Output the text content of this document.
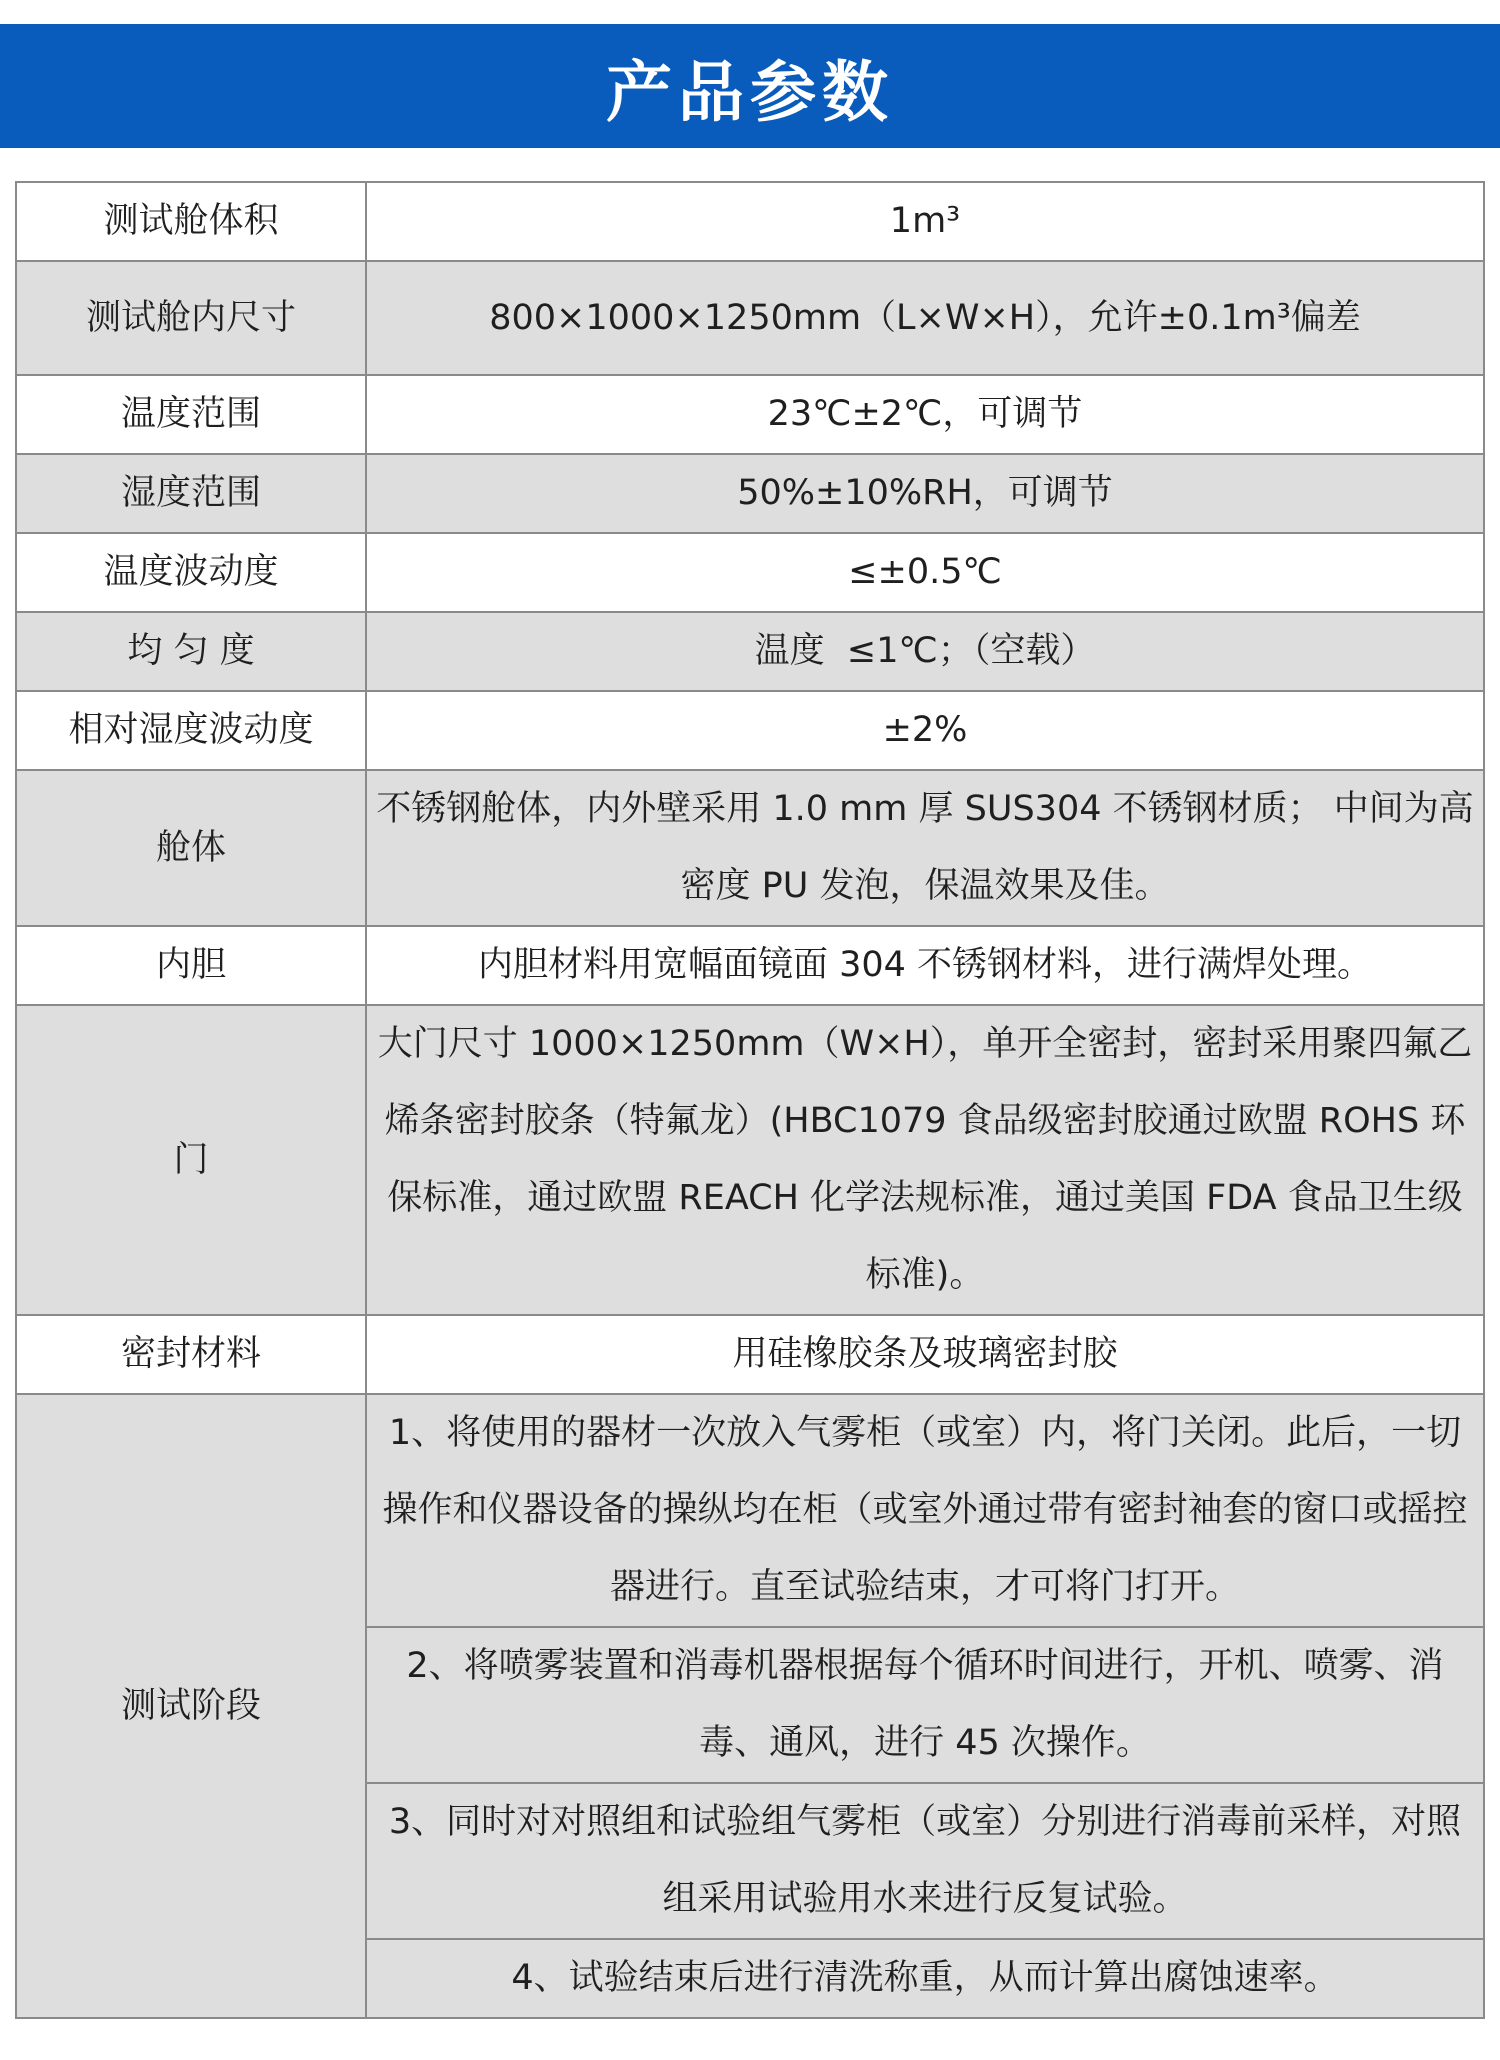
产品参数
测试舱体积	1m³
测试舱内尺寸	800×1000×1250mm（L×W×H），允许±0.1m³偏差
温度范围	23℃±2℃，可调节
湿度范围	50%±10%RH，可调节
温度波动度	≤±0.5℃
均 匀 度	温度  ≤1℃；（空载）
相对湿度波动度	±2%
舱体	不锈钢舱体，内外壁采用 1.0 mm 厚 SUS304 不锈钢材质； 中间为高密度 PU 发泡，保温效果及佳。
内胆	内胆材料用宽幅面镜面 304 不锈钢材料，进行满焊处理。
门	大门尺寸 1000×1250mm（W×H），单开全密封，密封采用聚四氟乙烯条密封胶条（特氟龙）(HBC1079 食品级密封胶通过欧盟 ROHS 环保标准，通过欧盟 REACH 化学法规标准，通过美国 FDA 食品卫生级标准)。
密封材料	用硅橡胶条及玻璃密封胶
测试阶段	1、将使用的器材一次放入气雾柜（或室）内，将门关闭。此后，一切操作和仪器设备的操纵均在柜（或室外通过带有密封袖套的窗口或摇控器进行。直至试验结束，才可将门打开。
	2、将喷雾装置和消毒机器根据每个循环时间进行，开机、喷雾、消毒、通风，进行 45 次操作。
	3、同时对对照组和试验组气雾柜（或室）分别进行消毒前采样，对照组采用试验用水来进行反复试验。
	4、试验结束后进行清洗称重，从而计算出腐蚀速率。
